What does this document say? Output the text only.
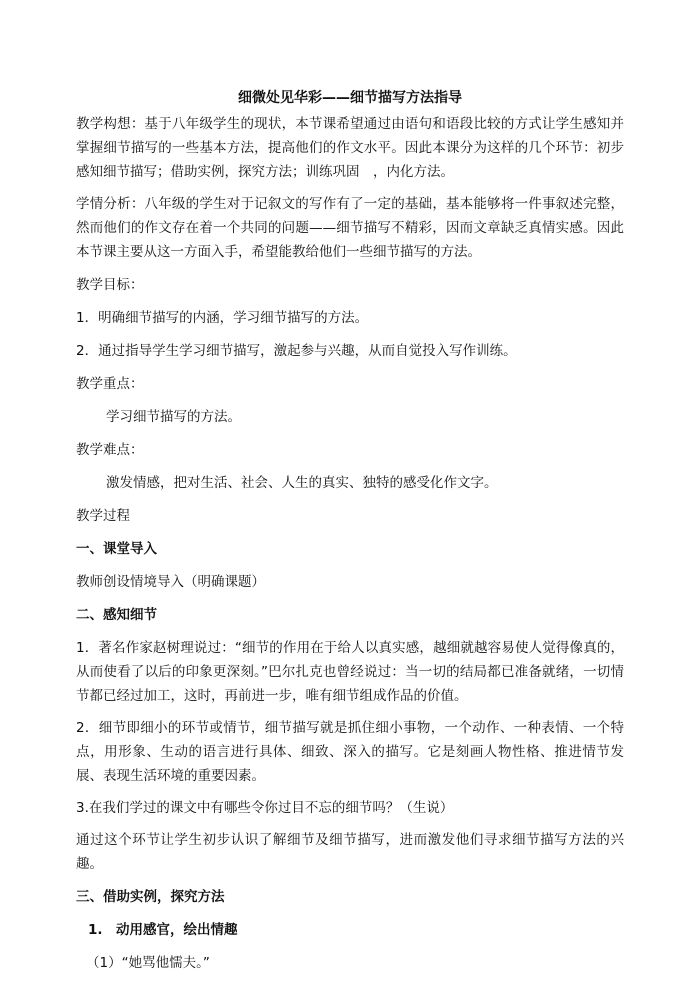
细微处见华彩——细节描写方法指导

教学构想：基于八年级学生的现状，本节课希望通过由语句和语段比较的方式让学生感知并掌握细节描写的一些基本方法，提高他们的作文水平。因此本课分为这样的几个环节：初步感知细节描写；借助实例，探究方法；训练巩固　，内化方法。

学情分析：八年级的学生对于记叙文的写作有了一定的基础，基本能够将一件事叙述完整，然而他们的作文存在着一个共同的问题——细节描写不精彩，因而文章缺乏真情实感。因此本节课主要从这一方面入手，希望能教给他们一些细节描写的方法。

教学目标：

1．明确细节描写的内涵，学习细节描写的方法。

2．通过指导学生学习细节描写，激起参与兴趣，从而自觉投入写作训练。

教学重点：

学习细节描写的方法。

教学难点：

激发情感，把对生活、社会、人生的真实、独特的感受化作文字。

教学过程

一、课堂导入

教师创设情境导入（明确课题）

二、感知细节

1．著名作家赵树理说过：“细节的作用在于给人以真实感，越细就越容易使人觉得像真的，从而使看了以后的印象更深刻。”巴尔扎克也曾经说过：当一切的结局都已准备就绪，一切情节都已经过加工，这时，再前进一步，唯有细节组成作品的价值。

2．细节即细小的环节或情节，细节描写就是抓住细小事物，一个动作、一种表情、一个特点，用形象、生动的语言进行具体、细致、深入的描写。它是刻画人物性格、推进情节发展、表现生活环境的重要因素。

3.在我们学过的课文中有哪些令你过目不忘的细节吗？（生说）

通过这个环节让学生初步认识了解细节及细节描写，进而激发他们寻求细节描写方法的兴趣。

三、借助实例，探究方法

1.　动用感官，绘出情趣

（1）“她骂他懦夫。”
